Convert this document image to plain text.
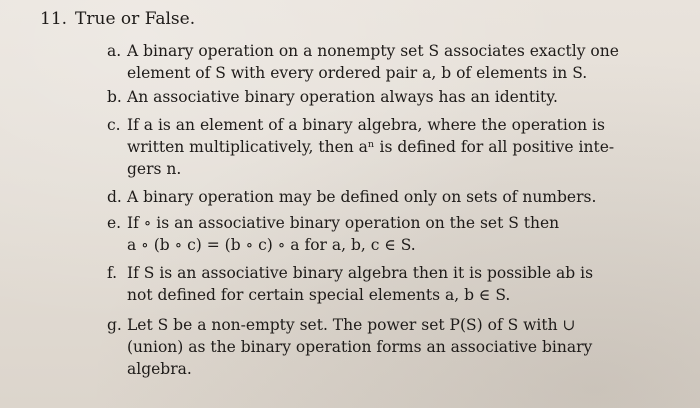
11. True or False.
a. A binary operation on a nonempty set S associates exactly one
element of S with every ordered pair a, b of elements in S.
b. An associative binary operation always has an identity.
c. If a is an element of a binary algebra, where the operation is
written multiplicatively, then aⁿ is defined for all positive inte-
gers n.
d. A binary operation may be defined only on sets of numbers.
e. If ∘ is an associative binary operation on the set S then
a ∘ (b ∘ c) = (b ∘ c) ∘ a for a, b, c ∈ S.
f. If S is an associative binary algebra then it is possible ab is
not defined for certain special elements a, b ∈ S.
g. Let S be a non-empty set. The power set P(S) of S with ∪
(union) as the binary operation forms an associative binary
algebra.
